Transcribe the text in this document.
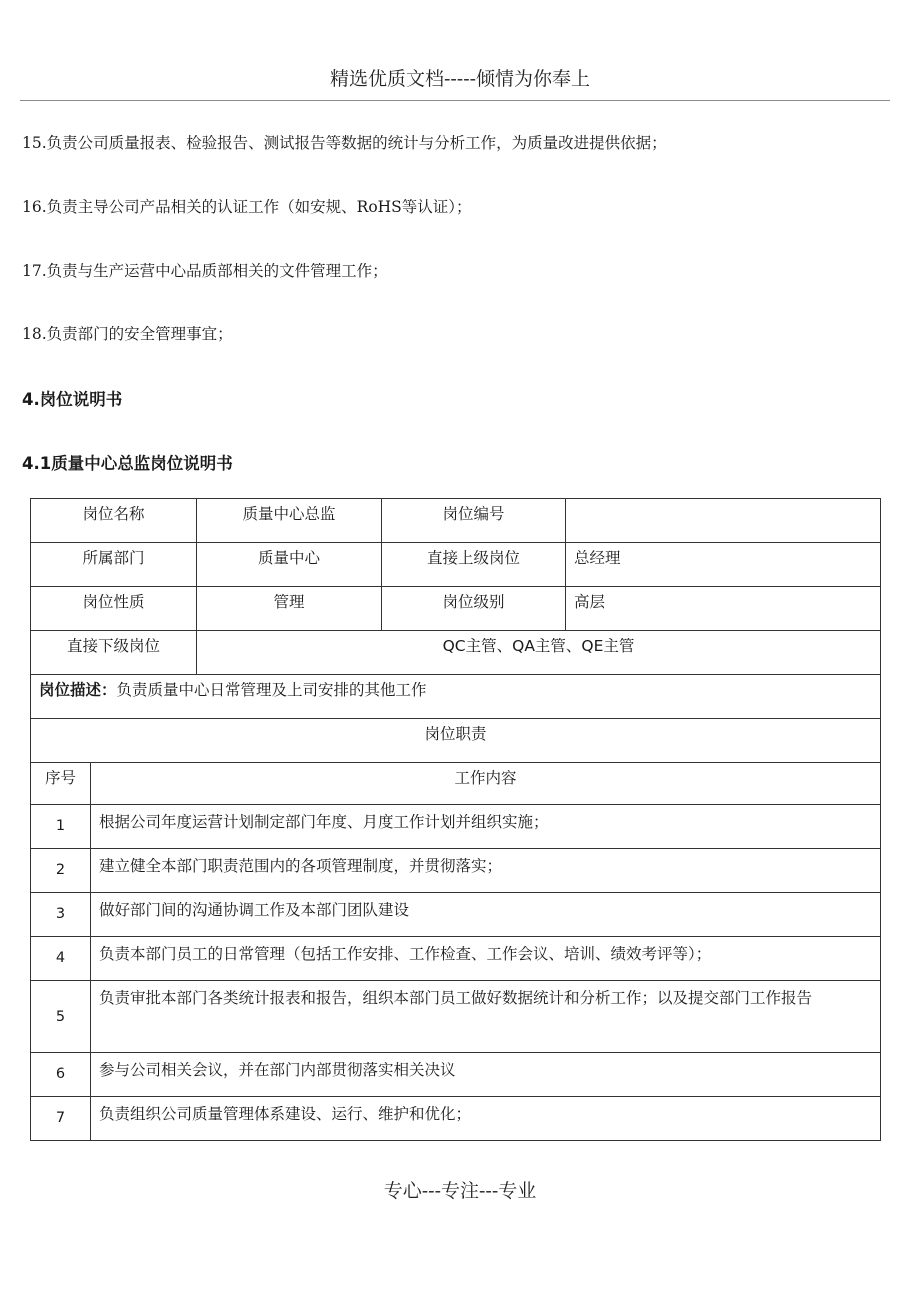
精选优质文档-----倾情为你奉上
15.负责公司质量报表、检验报告、测试报告等数据的统计与分析工作，为质量改进提供依据；
16.负责主导公司产品相关的认证工作（如安规、RoHS等认证）；
17.负责与生产运营中心品质部相关的文件管理工作；
18.负责部门的安全管理事宜；
4.岗位说明书
4.1质量中心总监岗位说明书
岗位名称		质量中心总监	岗位编号	
所属部门		质量中心	直接上级岗位	总经理
岗位性质		管理	岗位级别	高层
直接下级岗位		QC主管、QA主管、QE主管		
岗位描述：负责质量中心日常管理及上司安排的其他工作				
岗位职责				
序号	工作内容			
1	根据公司年度运营计划制定部门年度、月度工作计划并组织实施；			
2	建立健全本部门职责范围内的各项管理制度，并贯彻落实；			
3	做好部门间的沟通协调工作及本部门团队建设			
4	负责本部门员工的日常管理（包括工作安排、工作检查、工作会议、培训、绩效考评等）；			
5	负责审批本部门各类统计报表和报告，组织本部门员工做好数据统计和分析工作；以及提交部门工作报告			
6	参与公司相关会议，并在部门内部贯彻落实相关决议			
7	负责组织公司质量管理体系建设、运行、维护和优化；			
专心---专注---专业
